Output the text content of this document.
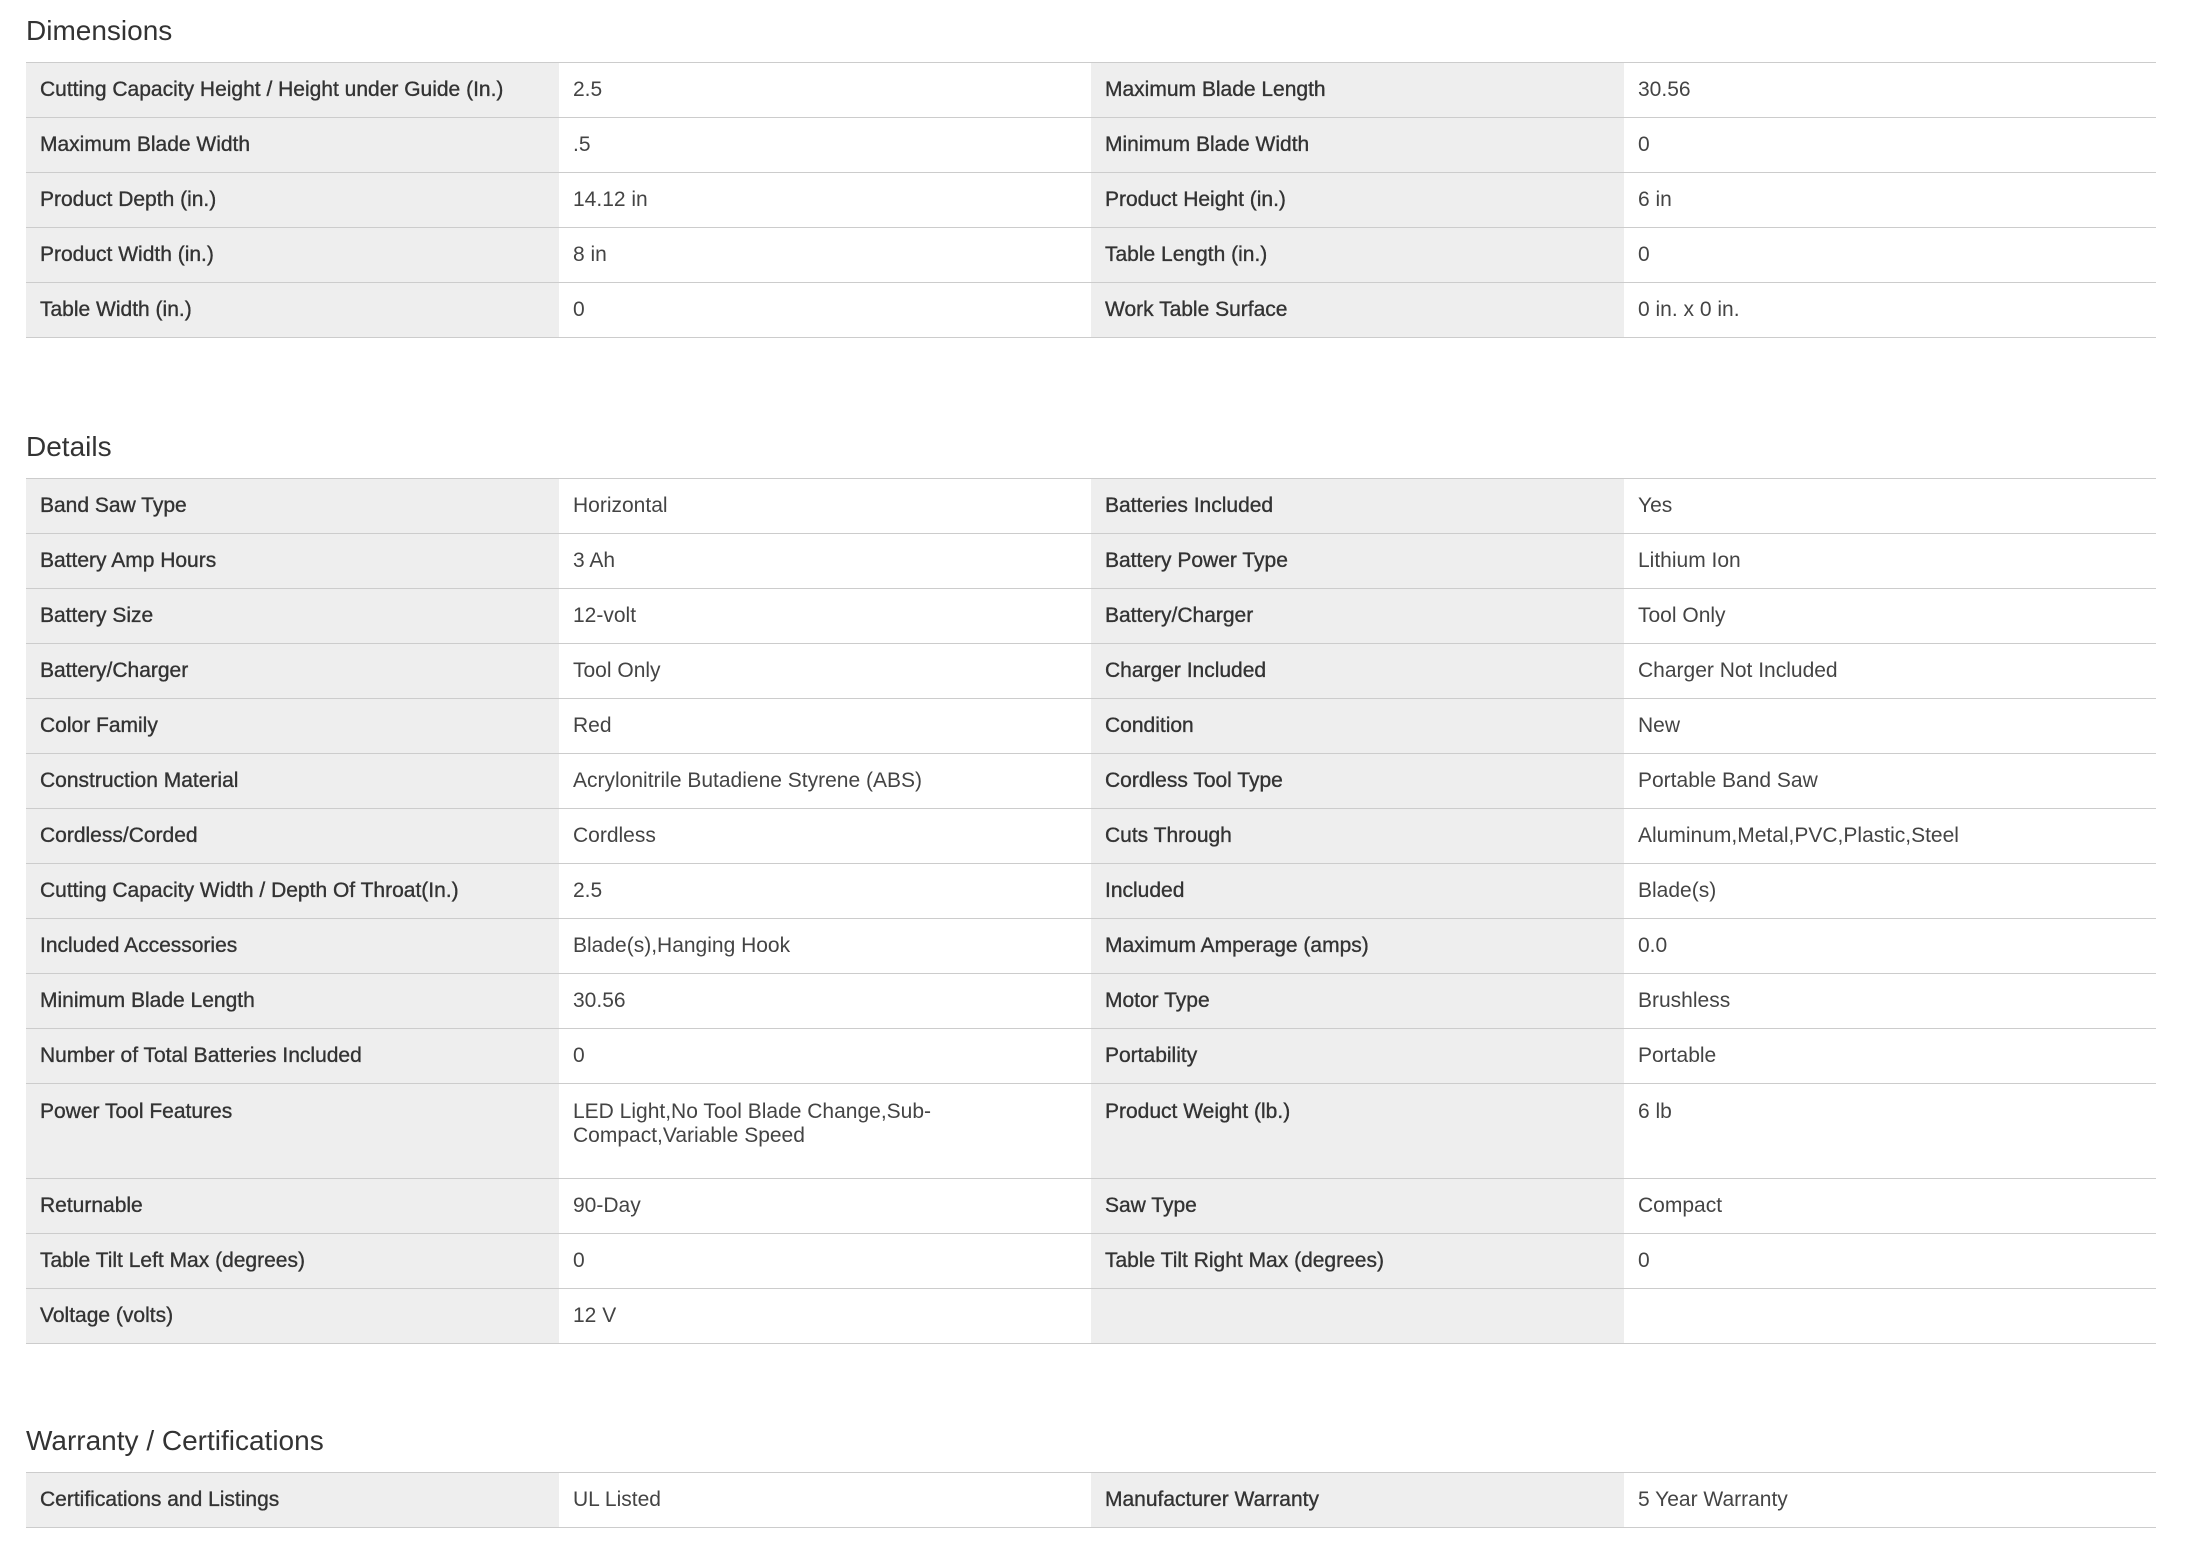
Dimensions
Cutting Capacity Height / Height under Guide (In.)	2.5	Maximum Blade Length	30.56
Maximum Blade Width	.5	Minimum Blade Width	0
Product Depth (in.)	14.12 in	Product Height (in.)	6 in
Product Width (in.)	8 in	Table Length (in.)	0
Table Width (in.)	0	Work Table Surface	0 in. x 0 in.
Details
Band Saw Type	Horizontal	Batteries Included	Yes
Battery Amp Hours	3 Ah	Battery Power Type	Lithium Ion
Battery Size	12-volt	Battery/Charger	Tool Only
Battery/Charger	Tool Only	Charger Included	Charger Not Included
Color Family	Red	Condition	New
Construction Material	Acrylonitrile Butadiene Styrene (ABS)	Cordless Tool Type	Portable Band Saw
Cordless/Corded	Cordless	Cuts Through	Aluminum,Metal,PVC,Plastic,Steel
Cutting Capacity Width / Depth Of Throat(In.)	2.5	Included	Blade(s)
Included Accessories	Blade(s),Hanging Hook	Maximum Amperage (amps)	0.0
Minimum Blade Length	30.56	Motor Type	Brushless
Number of Total Batteries Included	0	Portability	Portable
Power Tool Features	LED Light,No Tool Blade Change,Sub-Compact,Variable Speed	Product Weight (lb.)	6 lb
Returnable	90-Day	Saw Type	Compact
Table Tilt Left Max (degrees)	0	Table Tilt Right Max (degrees)	0
Voltage (volts)	12 V		
Warranty / Certifications
Certifications and Listings	UL Listed	Manufacturer Warranty	5 Year Warranty
